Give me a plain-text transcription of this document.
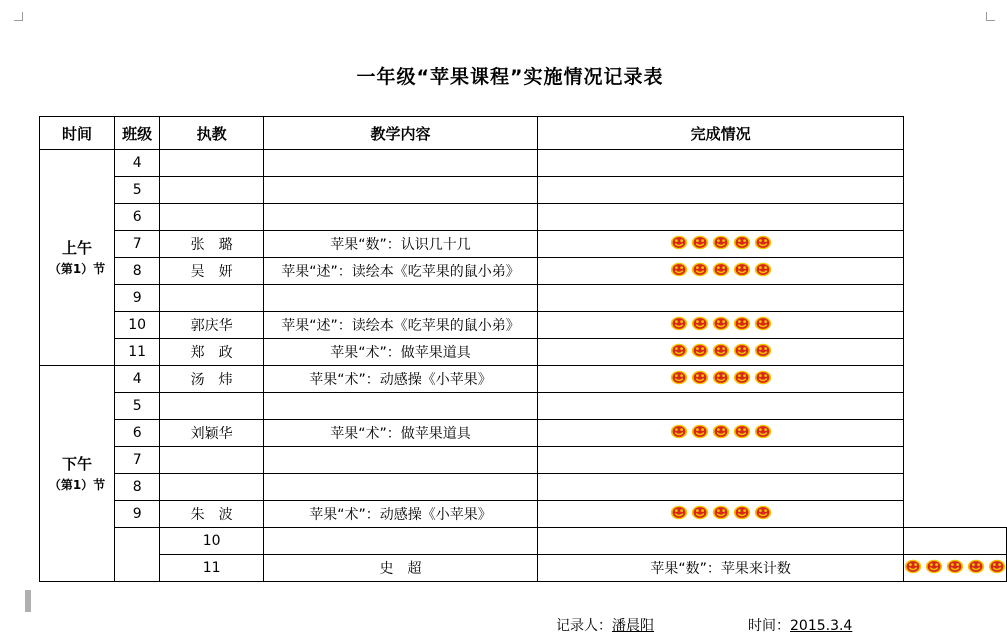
一年级“苹果课程”实施情况记录表
时间	班级	执教	教学内容	完成情况	
上午
（第1）节	4				
	5				
	6				
	7	张　璐	苹果“数”：认识几十几	

	8	吴　妍	苹果“述”：读绘本《吃苹果的鼠小弟》	

	9				
	10	郭庆华	苹果“述”：读绘本《吃苹果的鼠小弟》	

	11	郑　政	苹果“术”：做苹果道具	

下午
（第1）节	4	汤　炜	苹果“术”：动感操《小苹果》	

	5				
	6	刘颖华	苹果“术”：做苹果道具	

	7				
	8				
	9	朱　波	苹果“术”：动感操《小苹果》	

		10			
		11	史　超	苹果“数”：苹果来计数	
记录人：潘晨阳	时间：2015.3.4
